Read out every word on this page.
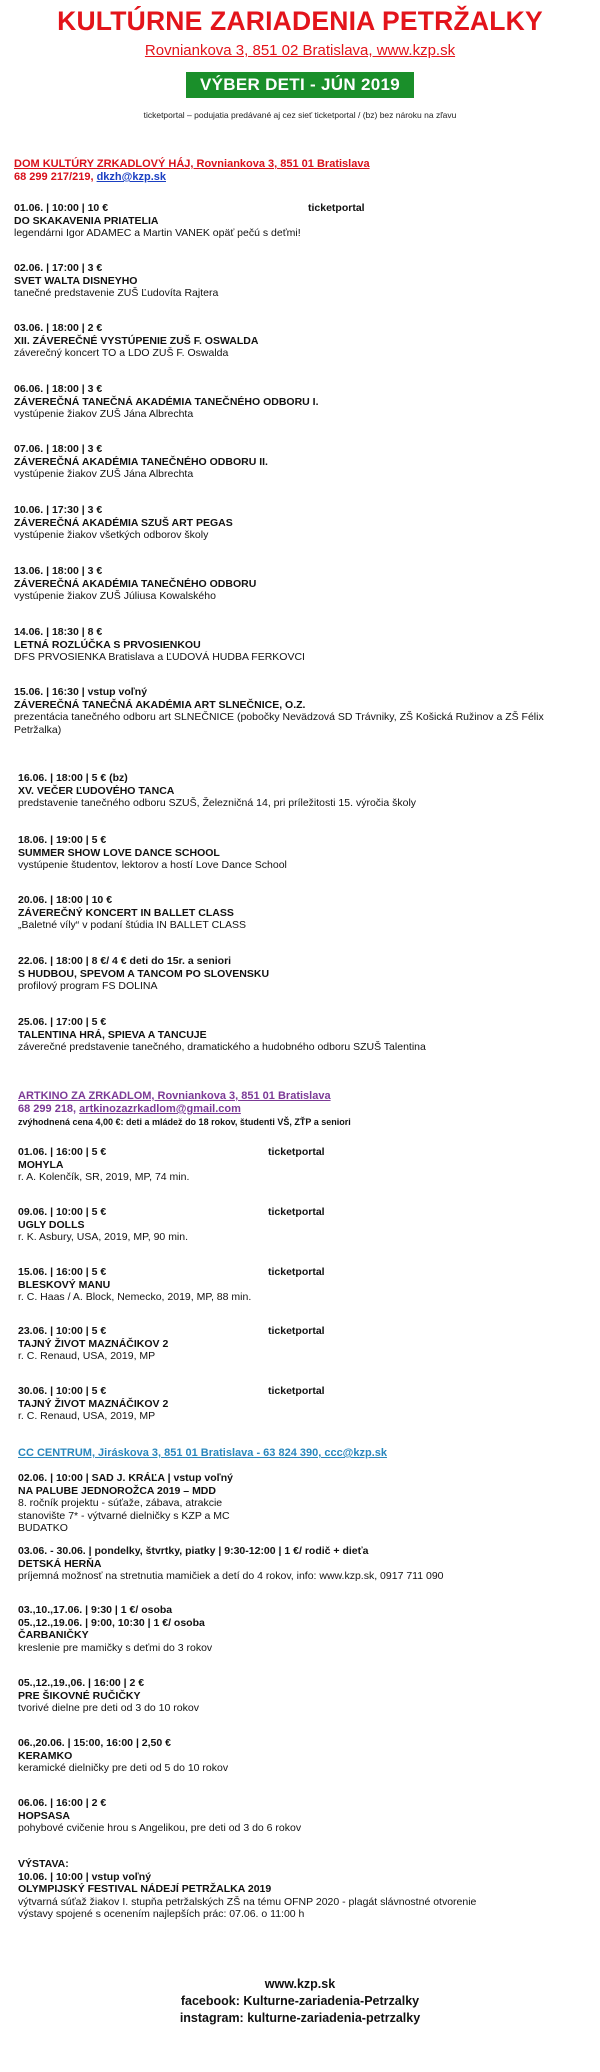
KULTÚRNE ZARIADENIA PETRŽALKY
Rovniankova 3, 851 02 Bratislava, www.kzp.sk
VÝBER DETI - JÚN 2019
ticketportal – podujatia predávané aj cez sieť ticketportal / (bz) bez nároku na zľavu
DOM KULTÚRY ZRKADLOVÝ HÁJ, Rovniankova 3, 851 01 Bratislava
68 299 217/219, dkzh@kzp.sk
01.06. | 10:00 | 10 €	ticketportal
DO SKAKAVENIA PRIATELIA
legendárni Igor ADAMEC a Martin VANEK opäť pečú s deťmi!
02.06. | 17:00 | 3 €
SVET WALTA DISNEYHO
tanečné predstavenie ZUŠ Ľudovíta Rajtera
03.06. | 18:00 | 2 €
XII. ZÁVEREČNÉ VYSTÚPENIE ZUŠ F. OSWALDA
záverečný koncert TO a LDO ZUŠ F. Oswalda
06.06. | 18:00 | 3 €
ZÁVEREČNÁ TANEČNÁ AKADÉMIA TANEČNÉHO ODBORU I.
vystúpenie žiakov ZUŠ Jána Albrechta
07.06. | 18:00 | 3 €
ZÁVEREČNÁ AKADÉMIA TANEČNÉHO ODBORU II.
vystúpenie žiakov ZUŠ Jána Albrechta
10.06. | 17:30 | 3 €
ZÁVEREČNÁ AKADÉMIA SZUŠ ART PEGAS
vystúpenie žiakov všetkých odborov školy
13.06. | 18:00 | 3 €
ZÁVEREČNÁ AKADÉMIA TANEČNÉHO ODBORU
vystúpenie žiakov ZUŠ Júliusa Kowalského
14.06. | 18:30 | 8 €
LETNÁ ROZLÚČKA S PRVOSIENKOU
DFS PRVOSIENKA Bratislava a ĽUDOVÁ HUDBA FERKOVCI
15.06. | 16:30 | vstup voľný
ZÁVEREČNÁ TANEČNÁ AKADÉMIA ART SLNEČNICE, O.Z.
prezentácia tanečného odboru art SLNEČNICE (pobočky Nevädzová SD Trávniky, ZŠ Košická Ružinov a ZŠ Félix Petržalka)
16.06. | 18:00 | 5 € (bz)
XV. VEČER ĽUDOVÉHO TANCA
predstavenie tanečného odboru SZUŠ, Železničná 14, pri príležitosti 15. výročia školy
18.06. | 19:00 | 5 €
SUMMER SHOW LOVE DANCE SCHOOL
vystúpenie študentov, lektorov a hostí Love Dance School
20.06. | 18:00 | 10 €
ZÁVEREČNÝ KONCERT IN BALLET CLASS
„Baletné víly“ v podaní štúdia IN BALLET CLASS
22.06. | 18:00 | 8 €/ 4 € deti do 15r. a seniori
S HUDBOU, SPEVOM A TANCOM PO SLOVENSKU
profilový program FS DOLINA
25.06. | 17:00 | 5 €
TALENTINA HRÁ, SPIEVA A TANCUJE
záverečné predstavenie tanečného, dramatického a hudobného odboru SZUŠ Talentina
ARTKINO ZA ZRKADLOM, Rovniankova 3, 851 01 Bratislava
68 299 218, artkinozazrkadlom@gmail.com
zvýhodnená cena 4,00 €: deti a mládež do 18 rokov, študenti VŠ, ZŤP a seniori
01.06. | 16:00 | 5 €	ticketportal
MOHYLA
r. A. Kolenčík, SR, 2019, MP, 74 min.
09.06. | 10:00 | 5 €	ticketportal
UGLY DOLLS
r. K. Asbury, USA, 2019, MP, 90 min.
15.06. | 16:00 | 5 €	ticketportal
BLESKOVÝ MANU
r. C. Haas / A. Block, Nemecko, 2019, MP, 88 min.
23.06. | 10:00 | 5 €	ticketportal
TAJNÝ ŽIVOT MAZNÁČIKOV 2
r. C. Renaud, USA, 2019, MP
30.06. | 10:00 | 5 €	ticketportal
TAJNÝ ŽIVOT MAZNÁČIKOV 2
r. C. Renaud, USA, 2019, MP
CC CENTRUM, Jiráskova 3, 851 01 Bratislava - 63 824 390, ccc@kzp.sk
02.06. | 10:00 | SAD J. KRÁĽA | vstup voľný
NA PALUBE JEDNOROŽCA 2019 – MDD
8. ročník projektu - súťaže, zábava, atrakcie stanovište 7* - výtvarné dielničky s KZP a MC BUDATKO
03.06. - 30.06. | pondelky, štvrtky, piatky | 9:30-12:00 | 1 €/ rodič + dieťa
DETSKÁ HERŇA
príjemná možnosť na stretnutia mamičiek a detí do 4 rokov, info: www.kzp.sk, 0917 711 090
03.,10.,17.06. | 9:30 | 1 €/ osoba
05.,12.,19.06. | 9:00, 10:30 | 1 €/ osoba
ČARBANIČKY
kreslenie pre mamičky s deťmi do 3 rokov
05.,12.,19.,06. | 16:00 | 2 €
PRE ŠIKOVNÉ RUČIČKY
tvorivé dielne pre deti od 3 do 10 rokov
06.,20.06. | 15:00, 16:00 | 2,50 €
KERAMKO
keramické dielničky pre deti od 5 do 10 rokov
06.06. | 16:00 | 2 €
HOPSASA
pohybové cvičenie hrou s Angelikou, pre deti od 3 do 6 rokov
VÝSTAVA:
10.06. | 10:00 | vstup voľný
OLYMPIJSKÝ FESTIVAL NÁDEJÍ PETRŽALKA 2019
výtvarná súťaž žiakov I. stupňa petržalských ZŠ na tému OFNP 2020 - plagát slávnostné otvorenie výstavy spojené s ocenením najlepších prác: 07.06. o 11:00 h
www.kzp.sk
facebook: Kulturne-zariadenia-Petrzalky
instagram: kulturne-zariadenia-petrzalky
